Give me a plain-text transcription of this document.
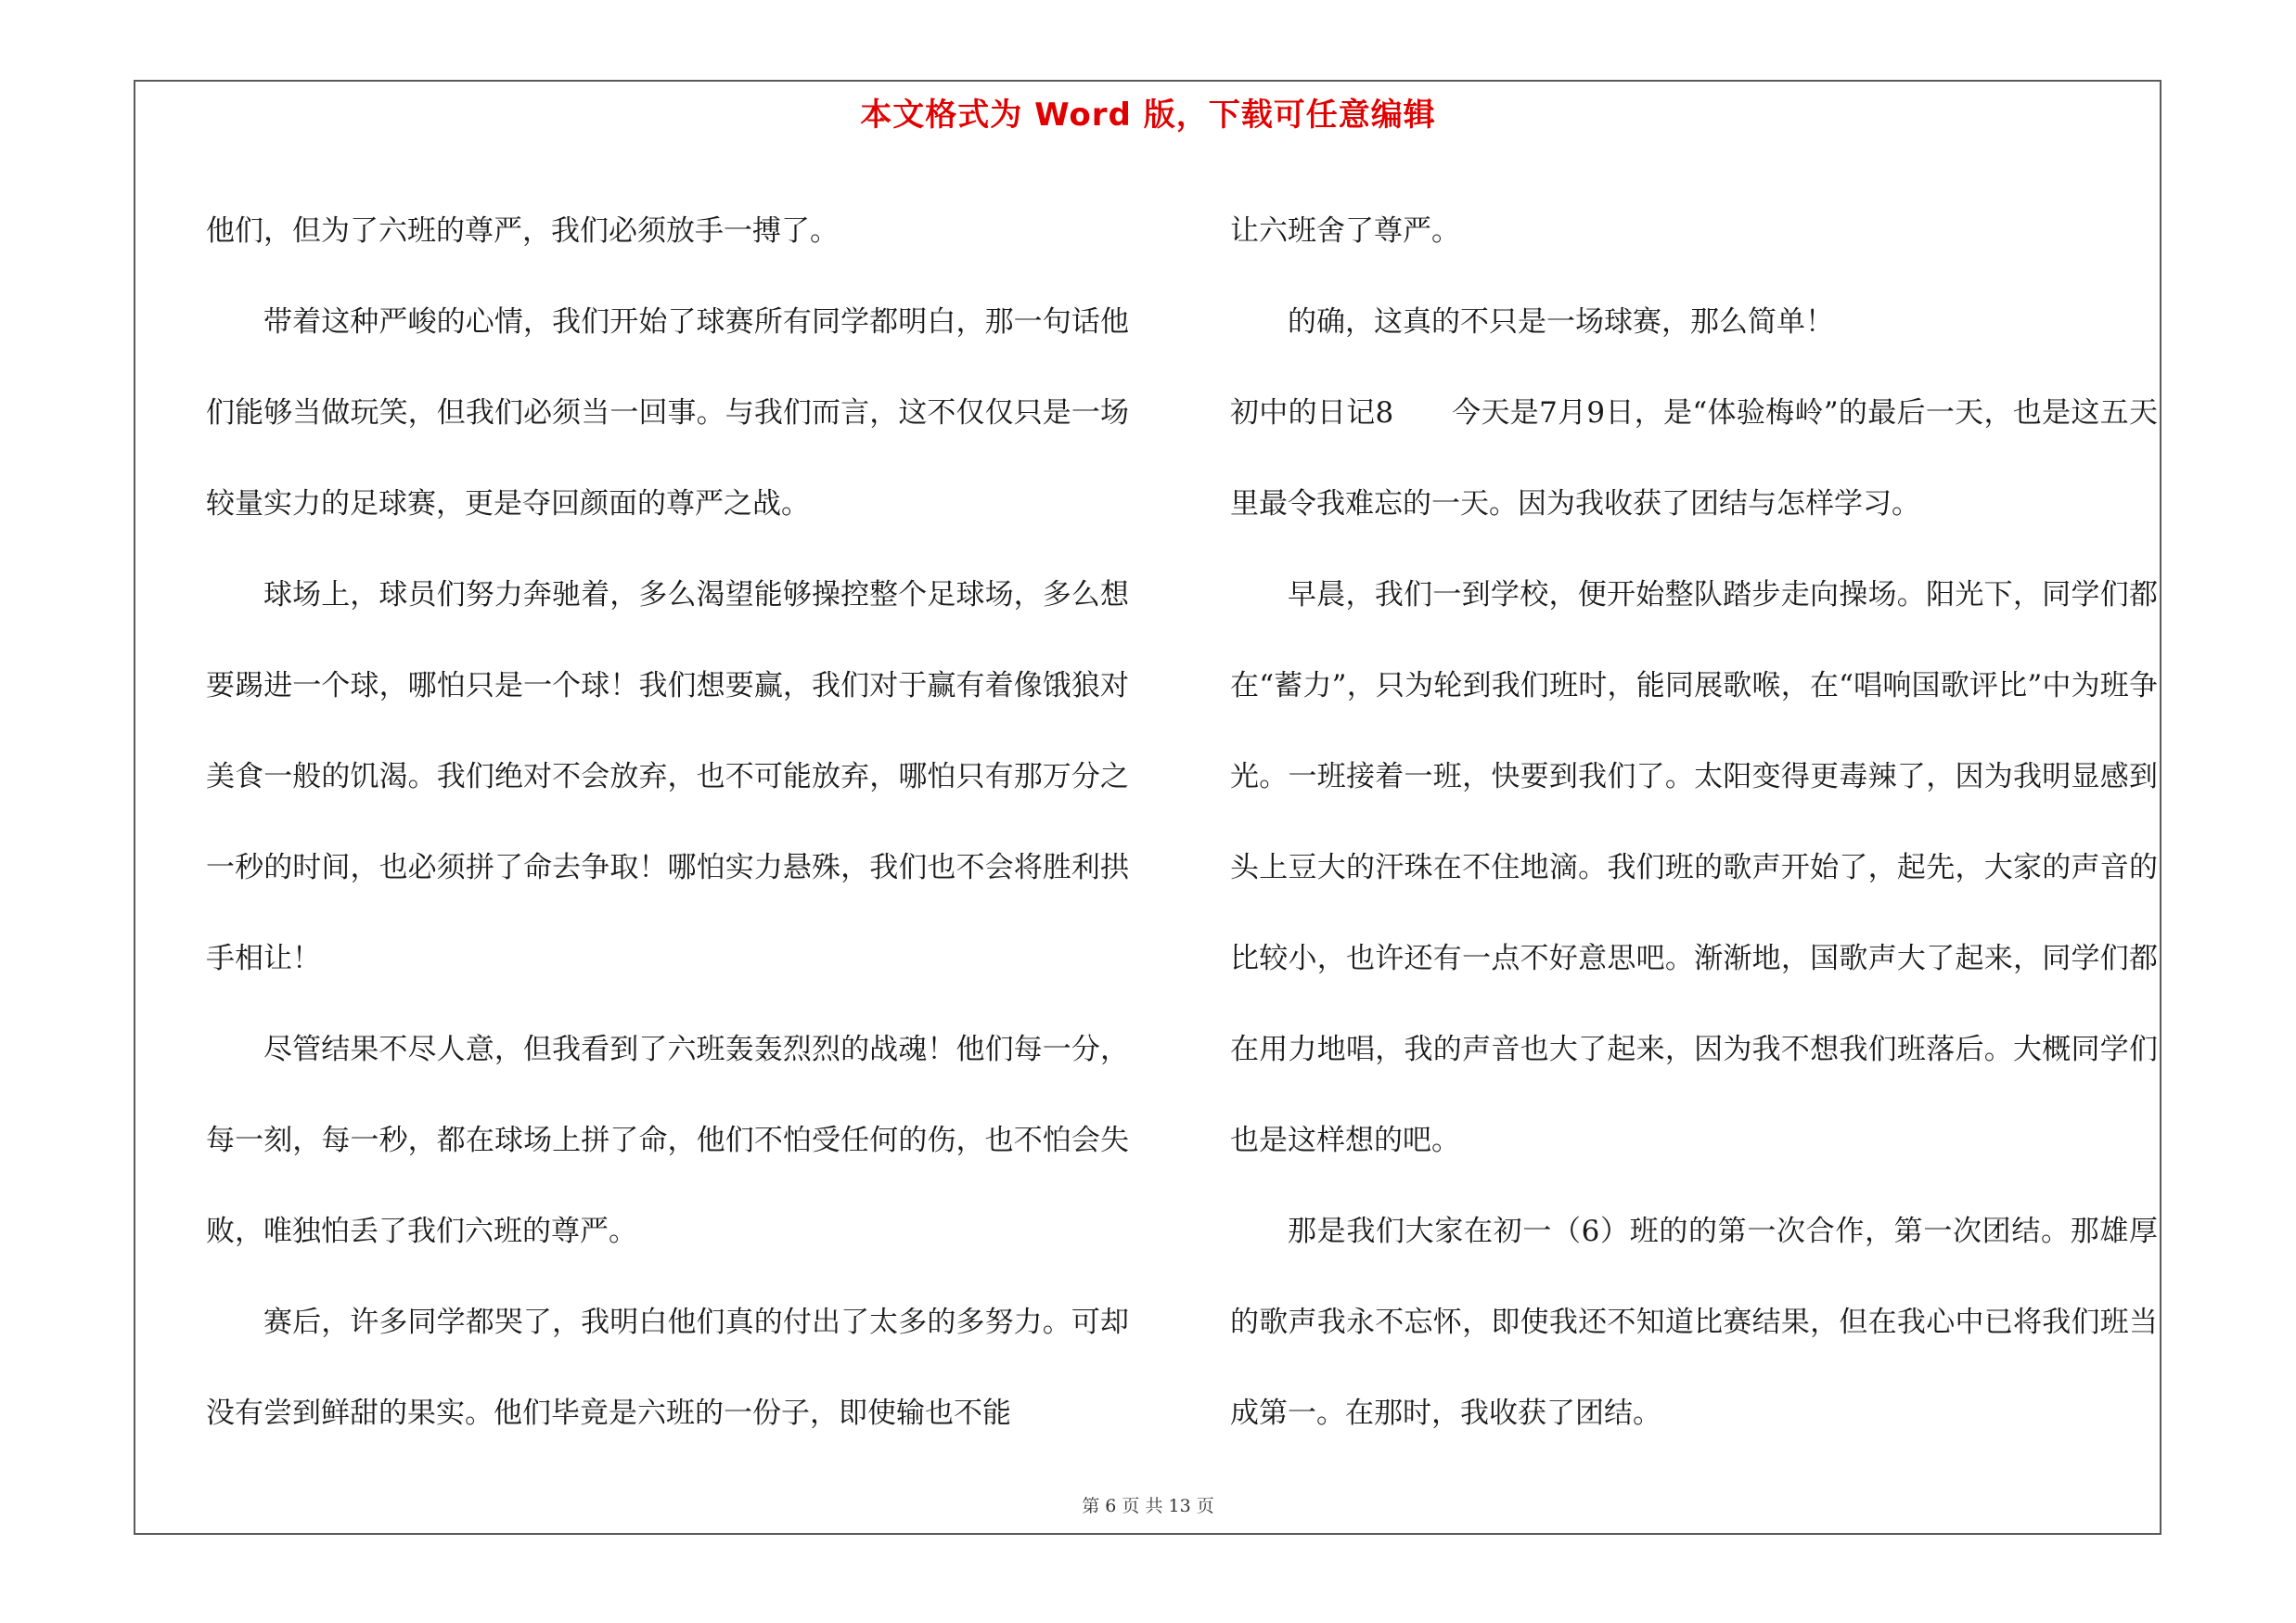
本文格式为 Word 版，下载可任意编辑

他们，但为了六班的尊严，我们必须放手一搏了。

带着这种严峻的心情，我们开始了球赛所有同学都明白，那一句话他们能够当做玩笑，但我们必须当一回事。与我们而言，这不仅仅只是一场较量实力的足球赛，更是夺回颜面的尊严之战。

球场上，球员们努力奔驰着，多么渴望能够操控整个足球场，多么想要踢进一个球，哪怕只是一个球！我们想要赢，我们对于赢有着像饿狼对美食一般的饥渴。我们绝对不会放弃，也不可能放弃，哪怕只有那万分之一秒的时间，也必须拼了命去争取！哪怕实力悬殊，我们也不会将胜利拱手相让！

尽管结果不尽人意，但我看到了六班轰轰烈烈的战魂！他们每一分，每一刻，每一秒，都在球场上拼了命，他们不怕受任何的伤，也不怕会失败，唯独怕丢了我们六班的尊严。

赛后，许多同学都哭了，我明白他们真的付出了太多的多努力。可却没有尝到鲜甜的果实。他们毕竟是六班的一份子，即使输也不能

让六班舍了尊严。

的确，这真的不只是一场球赛，那么简单！

初中的日记8　　今天是7月9日，是“体验梅岭”的最后一天，也是这五天里最令我难忘的一天。因为我收获了团结与怎样学习。

早晨，我们一到学校，便开始整队踏步走向操场。阳光下，同学们都在“蓄力”，只为轮到我们班时，能同展歌喉，在“唱响国歌评比”中为班争光。一班接着一班，快要到我们了。太阳变得更毒辣了，因为我明显感到头上豆大的汗珠在不住地滴。我们班的歌声开始了，起先，大家的声音的比较小，也许还有一点不好意思吧。渐渐地，国歌声大了起来，同学们都在用力地唱，我的声音也大了起来，因为我不想我们班落后。大概同学们也是这样想的吧。

那是我们大家在初一（6）班的的第一次合作，第一次团结。那雄厚的歌声我永不忘怀，即使我还不知道比赛结果，但在我心中已将我们班当成第一。在那时，我收获了团结。

第 6 页 共 13 页
